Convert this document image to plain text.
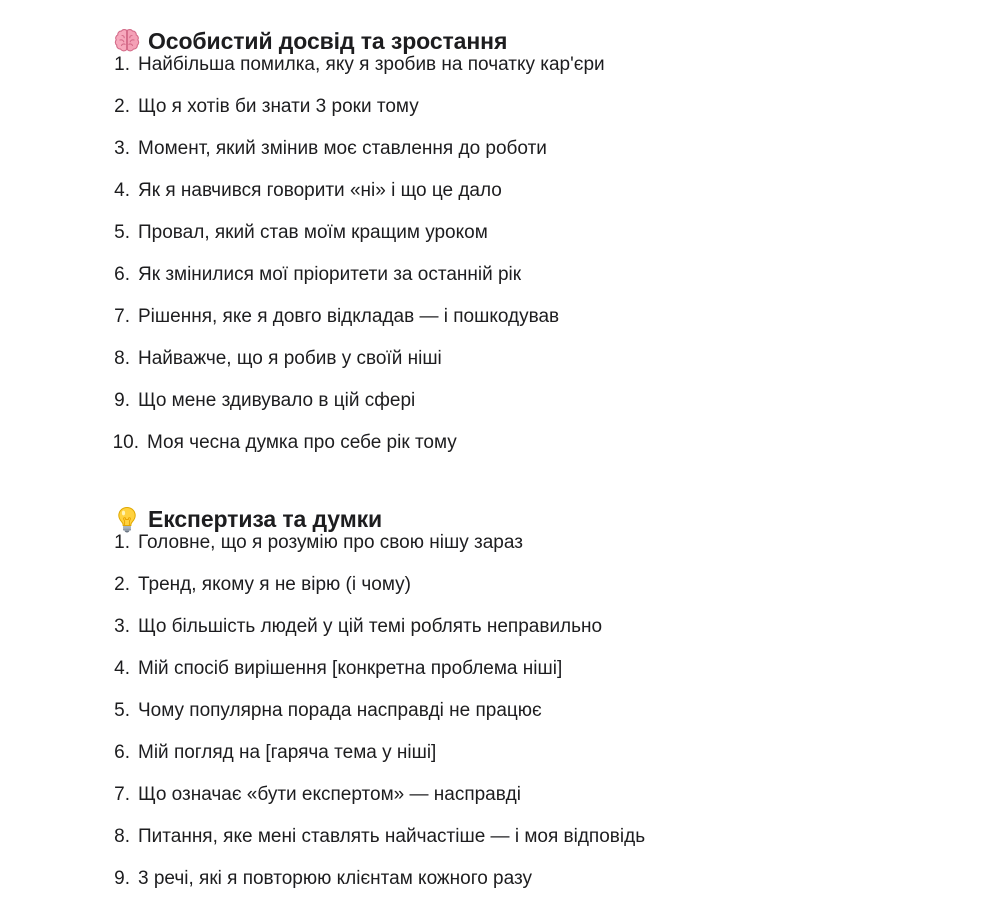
Особистий досвід та зростання
1. Найбільша помилка, яку я зробив на початку кар'єри
2. Що я хотів би знати 3 роки тому
3. Момент, який змінив моє ставлення до роботи
4. Як я навчився говорити «ні» і що це дало
5. Провал, який став моїм кращим уроком
6. Як змінилися мої пріоритети за останній рік
7. Рішення, яке я довго відкладав — і пошкодував
8. Найважче, що я робив у своїй ніші
9. Що мене здивувало в цій сфері
10. Моя чесна думка про себе рік тому
Експертиза та думки
1. Головне, що я розумію про свою нішу зараз
2. Тренд, якому я не вірю (і чому)
3. Що більшість людей у цій темі роблять неправильно
4. Мій спосіб вирішення [конкретна проблема ніші]
5. Чому популярна порада насправді не працює
6. Мій погляд на [гаряча тема у ніші]
7. Що означає «бути експертом» — насправді
8. Питання, яке мені ставлять найчастіше — і моя відповідь
9. 3 речі, які я повторюю клієнтам кожного разу
